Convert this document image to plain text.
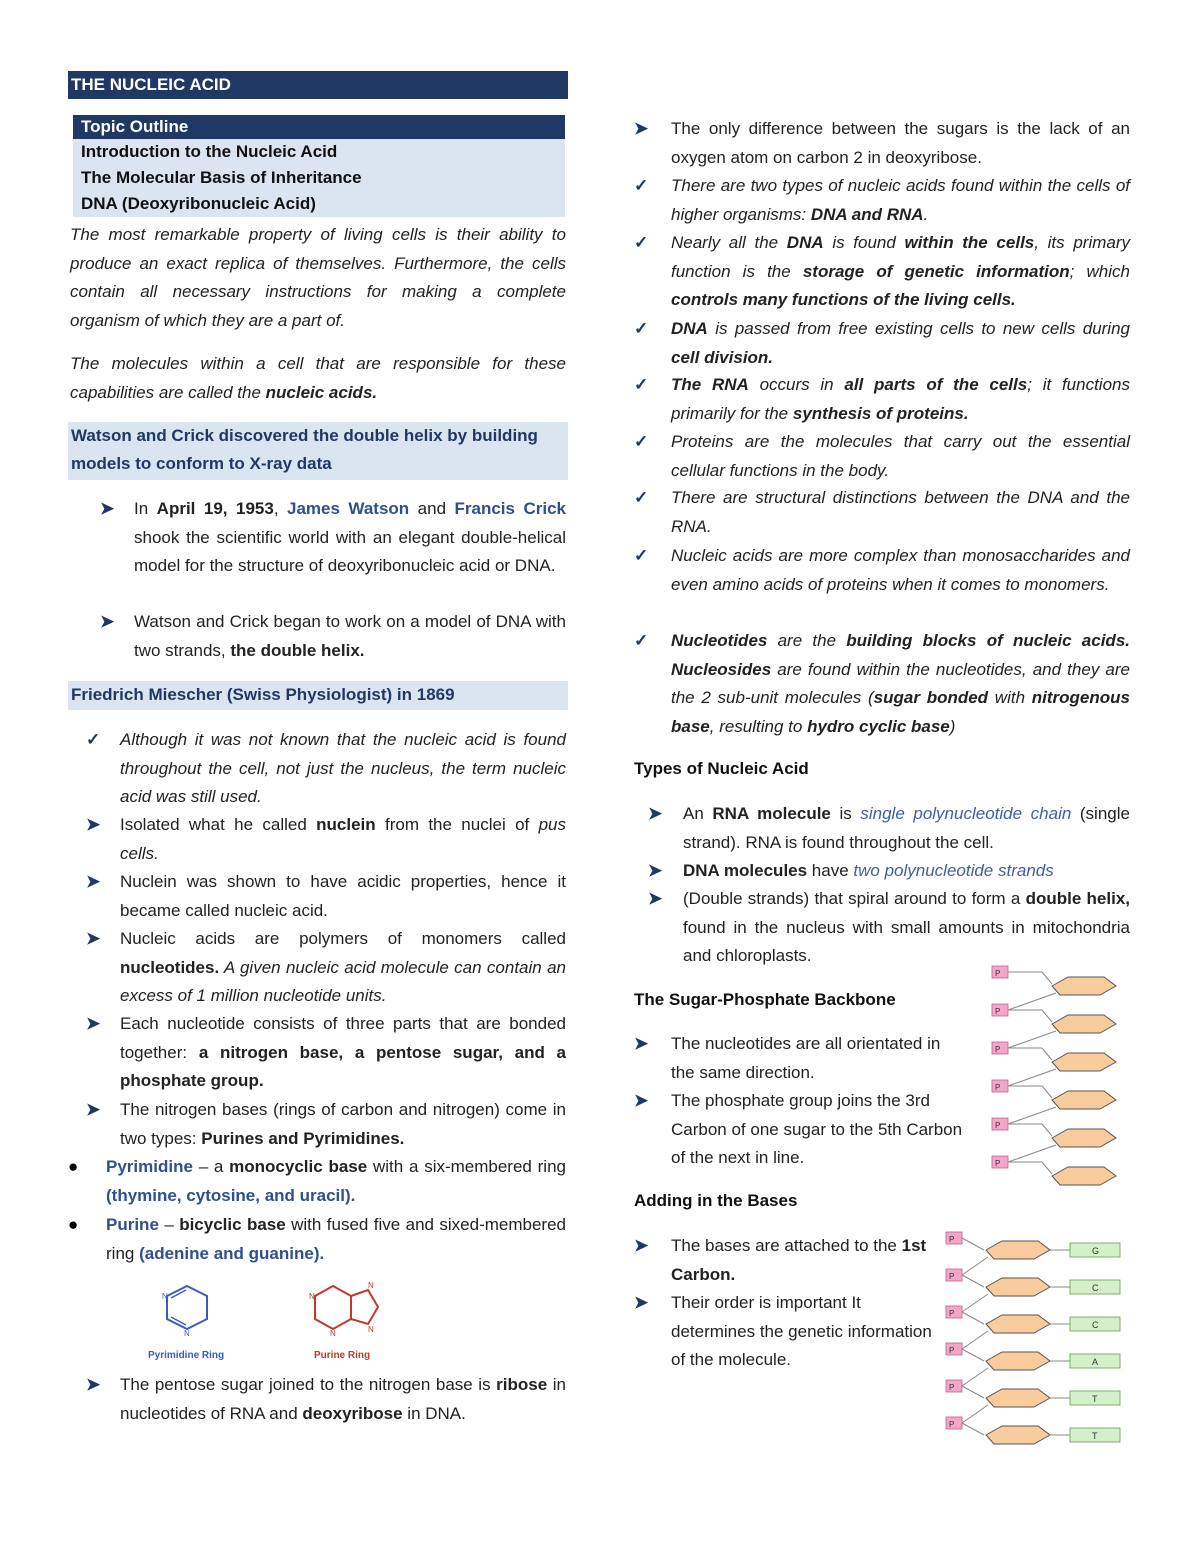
THE NUCLEIC ACID
Topic Outline
Introduction to the Nucleic Acid
The Molecular Basis of Inheritance
DNA (Deoxyribonucleic Acid)
The most remarkable property of living cells is their ability to produce an exact replica of themselves. Furthermore, the cells contain all necessary instructions for making a complete organism of which they are a part of.
The molecules within a cell that are responsible for these capabilities are called the nucleic acids.
Watson and Crick discovered the double helix by building models to conform to X-ray data
➤ In April 19, 1953, James Watson and Francis Crick shook the scientific world with an elegant double-helical model for the structure of deoxyribonucleic acid or DNA.
➤ Watson and Crick began to work on a model of DNA with two strands, the double helix.
Friedrich Miescher (Swiss Physiologist) in 1869
✓ Although it was not known that the nucleic acid is found throughout the cell, not just the nucleus, the term nucleic acid was still used.
➤ Isolated what he called nuclein from the nuclei of pus cells.
➤ Nuclein was shown to have acidic properties, hence it became called nucleic acid.
➤ Nucleic acids are polymers of monomers called nucleotides. A given nucleic acid molecule can contain an excess of 1 million nucleotide units.
➤ Each nucleotide consists of three parts that are bonded together: a nitrogen base, a pentose sugar, and a phosphate group.
➤ The nitrogen bases (rings of carbon and nitrogen) come in two types: Purines and Pyrimidines.
● Pyrimidine – a monocyclic base with a six-membered ring (thymine, cytosine, and uracil).
● Purine – bicyclic base with fused five and sixed-membered ring (adenine and guanine).
N
N
Pyrimidine Ring
N
N
N
N
Purine Ring
➤ The pentose sugar joined to the nitrogen base is ribose in nucleotides of RNA and deoxyribose in DNA.
➤ The only difference between the sugars is the lack of an oxygen atom on carbon 2 in deoxyribose.
✓ There are two types of nucleic acids found within the cells of higher organisms: DNA and RNA.
✓ Nearly all the DNA is found within the cells, its primary function is the storage of genetic information; which controls many functions of the living cells.
✓ DNA is passed from free existing cells to new cells during cell division.
✓ The RNA occurs in all parts of the cells; it functions primarily for the synthesis of proteins.
✓ Proteins are the molecules that carry out the essential cellular functions in the body.
✓ There are structural distinctions between the DNA and the RNA.
✓ Nucleic acids are more complex than monosaccharides and even amino acids of proteins when it comes to monomers.
✓ Nucleotides are the building blocks of nucleic acids. Nucleosides are found within the nucleotides, and they are the 2 sub-unit molecules (sugar bonded with nitrogenous base, resulting to hydro cyclic base)
Types of Nucleic Acid
➤ An RNA molecule is single polynucleotide chain (single strand). RNA is found throughout the cell.
➤ DNA molecules have two polynucleotide strands
➤ (Double strands) that spiral around to form a double helix, found in the nucleus with small amounts in mitochondria and chloroplasts.
The Sugar-Phosphate Backbone
➤ The nucleotides are all orientated in the same direction.
➤ The phosphate group joins the 3rd Carbon of one sugar to the 5th Carbon of the next in line.
P
P
P
P
P
P
Adding in the Bases
➤ The bases are attached to the 1st Carbon.
➤ Their order is important It determines the genetic information of the molecule.
P
G
P
C
P
C
P
A
P
T
P
T
